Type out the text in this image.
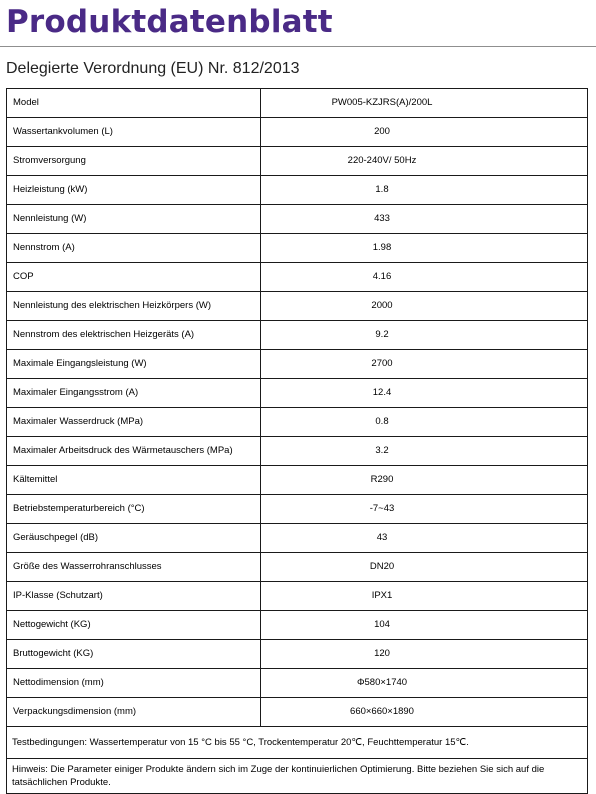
Produktdatenblatt
Delegierte Verordnung (EU) Nr. 812/2013
Model	PW005-KZJRS(A)/200L
Wassertankvolumen (L)	200
Stromversorgung	220-240V/ 50Hz
Heizleistung (kW)	1.8
Nennleistung (W)	433
Nennstrom (A)	1.98
COP	4.16
Nennleistung des elektrischen Heizkörpers (W)	2000
Nennstrom des elektrischen Heizgeräts (A)	9.2
Maximale Eingangsleistung (W)	2700
Maximaler Eingangsstrom (A)	12.4
Maximaler Wasserdruck (MPa)	0.8
Maximaler Arbeitsdruck des Wärmetauschers (MPa)	3.2
Kältemittel	R290
Betriebstemperaturbereich (°C)	-7~43
Geräuschpegel (dB)	43
Größe des Wasserrohranschlusses	DN20
IP-Klasse (Schutzart)	IPX1
Nettogewicht (KG)	104
Bruttogewicht (KG)	120
Nettodimension (mm)	Φ580×1740
Verpackungsdimension (mm)	660×660×1890
Testbedingungen: Wassertemperatur von 15 °C bis 55 °C, Trockentemperatur 20℃, Feuchttemperatur 15℃.	
Hinweis: Die Parameter einiger Produkte ändern sich im Zuge der kontinuierlichen Optimierung. Bitte beziehen Sie sich auf die tatsächlichen Produkte.	
